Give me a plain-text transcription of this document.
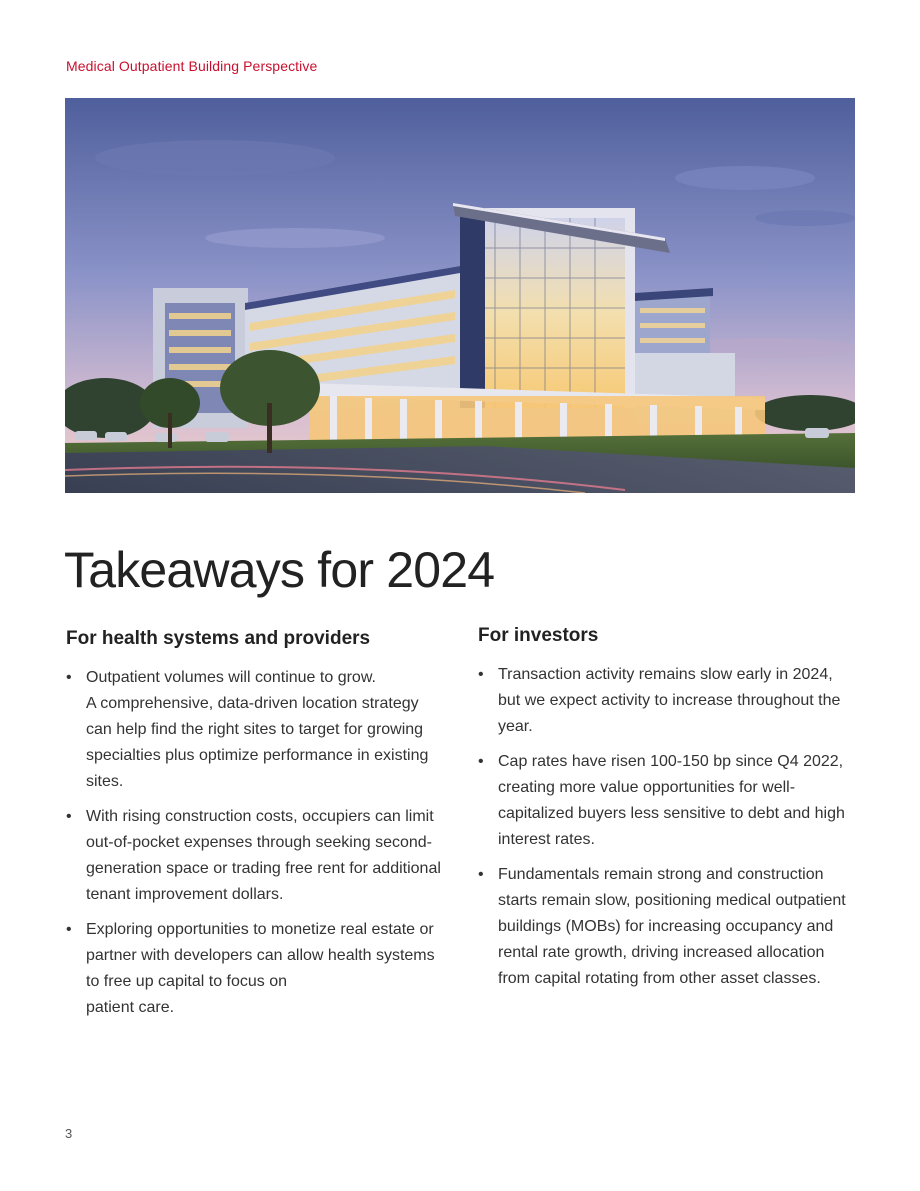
Medical Outpatient Building Perspective
Takeaways for 2024
For health systems and providers
• Outpatient volumes will continue to grow.
A comprehensive, data-driven location strategy can help find the right sites to target for growing specialties plus optimize performance in existing sites.
• With rising construction costs, occupiers can limit out-of-pocket expenses through seeking second-generation space or trading free rent for additional tenant improvement dollars.
• Exploring opportunities to monetize real estate or partner with developers can allow health systems to free up capital to focus on
patient care.
For investors
• Transaction activity remains slow early in 2024, but we expect activity to increase throughout the year.
• Cap rates have risen 100-150 bp since Q4 2022, creating more value opportunities for well-capitalized buyers less sensitive to debt and high interest rates.
• Fundamentals remain strong and construction starts remain slow, positioning medical outpatient buildings (MOBs) for increasing occupancy and rental rate growth, driving increased allocation from capital rotating from other asset classes.
3
